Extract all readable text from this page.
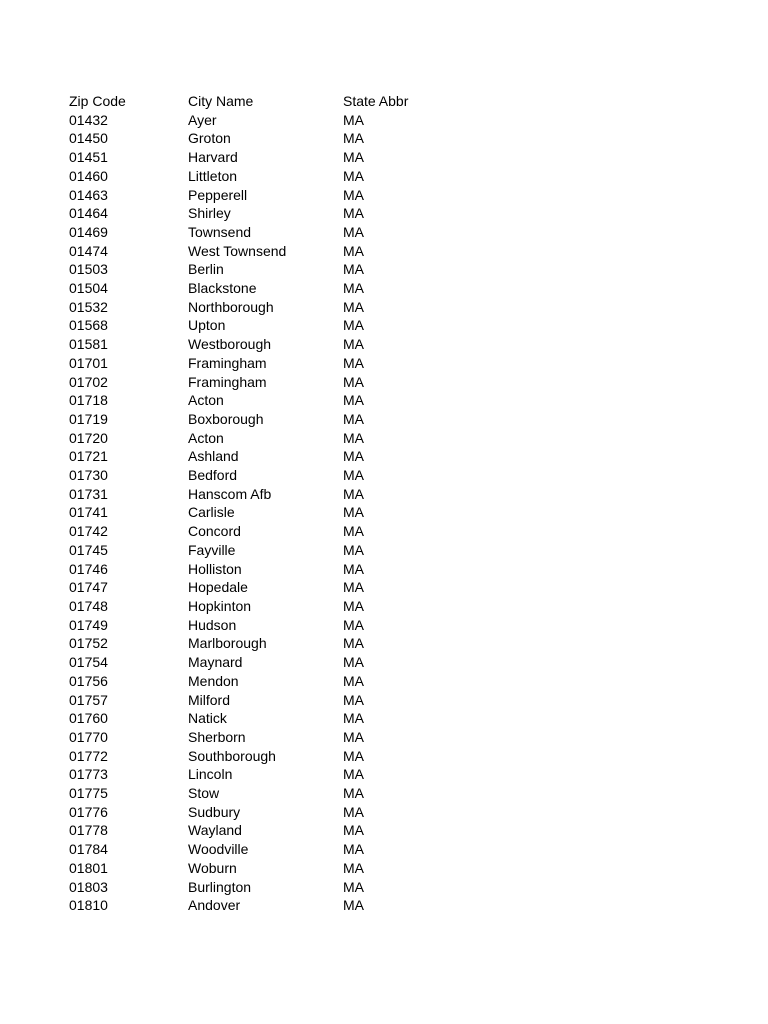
Zip Code	City Name	State Abbr
01432	Ayer	MA
01450	Groton	MA
01451	Harvard	MA
01460	Littleton	MA
01463	Pepperell	MA
01464	Shirley	MA
01469	Townsend	MA
01474	West Townsend	MA
01503	Berlin	MA
01504	Blackstone	MA
01532	Northborough	MA
01568	Upton	MA
01581	Westborough	MA
01701	Framingham	MA
01702	Framingham	MA
01718	Acton	MA
01719	Boxborough	MA
01720	Acton	MA
01721	Ashland	MA
01730	Bedford	MA
01731	Hanscom Afb	MA
01741	Carlisle	MA
01742	Concord	MA
01745	Fayville	MA
01746	Holliston	MA
01747	Hopedale	MA
01748	Hopkinton	MA
01749	Hudson	MA
01752	Marlborough	MA
01754	Maynard	MA
01756	Mendon	MA
01757	Milford	MA
01760	Natick	MA
01770	Sherborn	MA
01772	Southborough	MA
01773	Lincoln	MA
01775	Stow	MA
01776	Sudbury	MA
01778	Wayland	MA
01784	Woodville	MA
01801	Woburn	MA
01803	Burlington	MA
01810	Andover	MA
